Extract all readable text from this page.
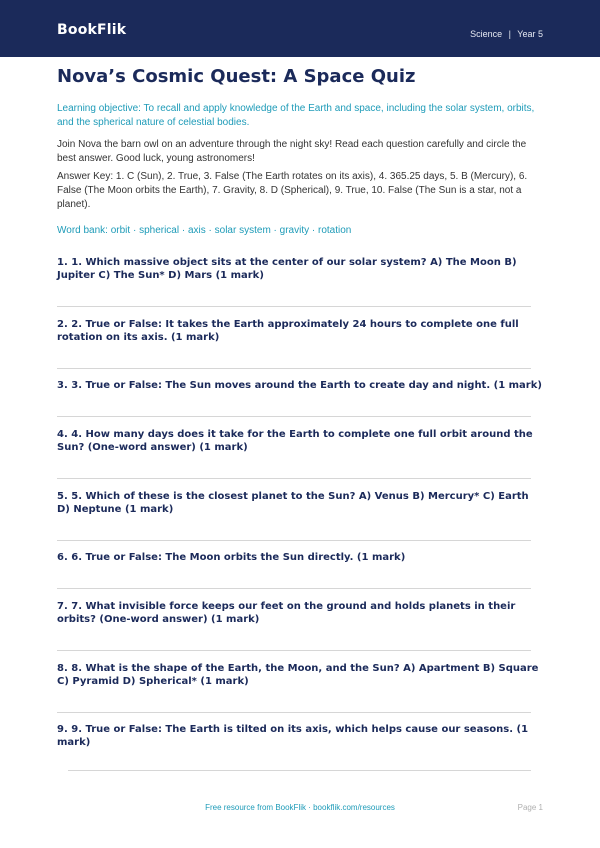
BookFlik	Science | Year 5
Nova’s Cosmic Quest: A Space Quiz
Learning objective: To recall and apply knowledge of the Earth and space, including the solar system, orbits, and the spherical nature of celestial bodies.
Join Nova the barn owl on an adventure through the night sky! Read each question carefully and circle the best answer. Good luck, young astronomers!
Answer Key: 1. C (Sun), 2. True, 3. False (The Earth rotates on its axis), 4. 365.25 days, 5. B (Mercury), 6. False (The Moon orbits the Earth), 7. Gravity, 8. D (Spherical), 9. True, 10. False (The Sun is a star, not a planet).
Word bank: orbit · spherical · axis · solar system · gravity · rotation
1. 1. Which massive object sits at the center of our solar system? A) The Moon B) Jupiter C) The Sun* D) Mars (1 mark)
2. 2. True or False: It takes the Earth approximately 24 hours to complete one full rotation on its axis. (1 mark)
3. 3. True or False: The Sun moves around the Earth to create day and night. (1 mark)
4. 4. How many days does it take for the Earth to complete one full orbit around the Sun? (One-word answer) (1 mark)
5. 5. Which of these is the closest planet to the Sun? A) Venus B) Mercury* C) Earth D) Neptune (1 mark)
6. 6. True or False: The Moon orbits the Sun directly. (1 mark)
7. 7. What invisible force keeps our feet on the ground and holds planets in their orbits? (One-word answer) (1 mark)
8. 8. What is the shape of the Earth, the Moon, and the Sun? A) Apartment B) Square C) Pyramid D) Spherical* (1 mark)
9. 9. True or False: The Earth is tilted on its axis, which helps cause our seasons. (1 mark)
Free resource from BookFlik · bookflik.com/resources	Page 1
